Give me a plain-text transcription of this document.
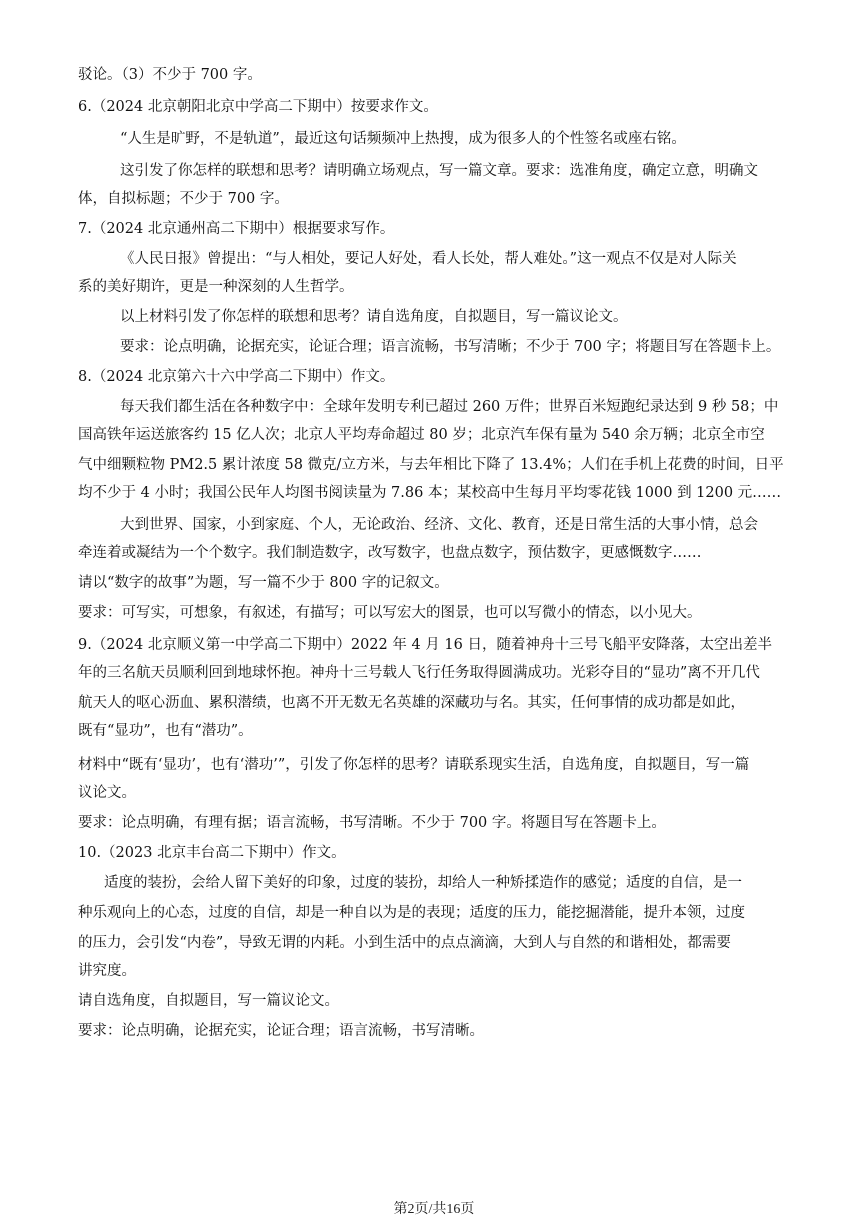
驳论。（3）不少于 700 字。
6.（2024 北京朝阳北京中学高二下期中）按要求作文。
“人生是旷野，不是轨道”，最近这句话频频冲上热搜，成为很多人的个性签名或座右铭。
这引发了你怎样的联想和思考？请明确立场观点，写一篇文章。要求：选准角度，确定立意，明确文
体，自拟标题；不少于 700 字。
7.（2024 北京通州高二下期中）根据要求写作。
《人民日报》曾提出：“与人相处，要记人好处，看人长处，帮人难处。”这一观点不仅是对人际关
系的美好期许，更是一种深刻的人生哲学。
以上材料引发了你怎样的联想和思考？请自选角度，自拟题目，写一篇议论文。
要求：论点明确，论据充实，论证合理；语言流畅，书写清晰；不少于 700 字；将题目写在答题卡上。
8.（2024 北京第六十六中学高二下期中）作文。
每天我们都生活在各种数字中：全球年发明专利已超过 260 万件；世界百米短跑纪录达到 9 秒 58；中
国高铁年运送旅客约 15 亿人次；北京人平均寿命超过 80 岁；北京汽车保有量为 540 余万辆；北京全市空
气中细颗粒物 PM2.5 累计浓度 58 微克/立方米，与去年相比下降了 13.4%；人们在手机上花费的时间，日平
均不少于 4 小时；我国公民年人均图书阅读量为 7.86 本；某校高中生每月平均零花钱 1000 到 1200 元……
大到世界、国家，小到家庭、个人，无论政治、经济、文化、教育，还是日常生活的大事小情，总会
牵连着或凝结为一个个数字。我们制造数字，改写数字，也盘点数字，预估数字，更感慨数字……
请以“数字的故事”为题，写一篇不少于 800 字的记叙文。
要求：可写实，可想象，有叙述，有描写；可以写宏大的图景，也可以写微小的情态，以小见大。
9.（2024 北京顺义第一中学高二下期中）2022 年 4 月 16 日，随着神舟十三号飞船平安降落，太空出差半
年的三名航天员顺利回到地球怀抱。神舟十三号载人飞行任务取得圆满成功。光彩夺目的“显功”离不开几代
航天人的呕心沥血、累积潜绩，也离不开无数无名英雄的深藏功与名。其实，任何事情的成功都是如此，
既有“显功”，也有“潜功”。
材料中“既有‘显功’，也有‘潜功’”，引发了你怎样的思考？请联系现实生活，自选角度，自拟题目，写一篇
议论文。
要求：论点明确，有理有据；语言流畅，书写清晰。不少于 700 字。将题目写在答题卡上。
10.（2023 北京丰台高二下期中）作文。
适度的装扮，会给人留下美好的印象，过度的装扮，却给人一种矫揉造作的感觉；适度的自信，是一
种乐观向上的心态，过度的自信，却是一种自以为是的表现；适度的压力，能挖掘潜能，提升本领，过度
的压力，会引发“内卷”，导致无谓的内耗。小到生活中的点点滴滴，大到人与自然的和谐相处，都需要
讲究度。
请自选角度，自拟题目，写一篇议论文。
要求：论点明确，论据充实，论证合理；语言流畅，书写清晰。
第2页/共16页
